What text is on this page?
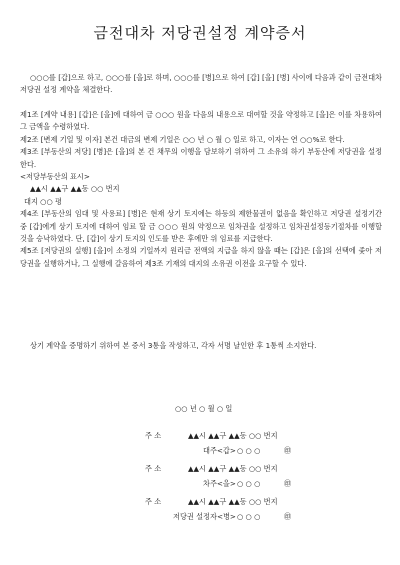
금전대차 저당권설정 계약증서
○○○를 [갑]으로 하고, ○○○를 [을]로 하며, ○○○를 [병]으로 하여 [갑] [을] [병] 사이에 다음과 같이 금전대차 저당권 설정 계약을 체결한다.
제1조 [계약 내용] [갑]은 [을]에 대하여 금 ○○○ 원을 다음의 내용으로 대여할 것을 약정하고 [을]은 이를 차용하여 그 금액을 수령하였다.
제2조 [변제 기일 및 이자] 본건 대금의 변제 기일은 ○○ 년 ○ 월 ○ 일로 하고, 이자는 연 ○○%로 한다.
제3조 [부동산의 저당] [병]은 [을]의 본 건 채무의 이행을 담보하기 위하여 그 소유의 하기 부동산에 저당권을 설정한다.
<저당부동산의 표시>
▲▲시 ▲▲구 ▲▲동 ○○ 번지
대지 ○○ 평
제4조 [부동산의 임대 및 사용료] [병]은 현재 상기 토지에는 하등의 제한물권이 없음을 확인하고 저당권 설정기간 중 [갑]에게 상기 토지에 대하여 임료 할 금 ○○○ 원의 약정으로 임차권을 설정하고 임차권설정등기절차를 이행할 것을 승낙하였다. 단, [갑]이 상기 토지의 인도를 받은 후에만 위 임료를 지급한다.
제5조 [저당권의 실행] [을]이 소정의 기일까지 원리금 전액의 지급을 하지 않을 때는 [갑]은 [을]의 선택에 좇아 저당권을 실행하거나, 그 실행에 갈음하여 제3조 기재의 대지의 소유권 이전을 요구할 수 있다.
상기 계약을 증명하기 위하여 본 증서 3통을 작성하고, 각자 서명 날인한 후 1통씩 소지한다.
○○ 년 ○ 월 ○ 일
주 소	▲▲시 ▲▲구 ▲▲동 ○○ 번지
대주<갑> ○ ○ ○	㊞
주 소	▲▲시 ▲▲구 ▲▲동 ○○ 번지
차주<을> ○ ○ ○	㊞
주 소	▲▲시 ▲▲구 ▲▲동 ○○ 번지
저당권 설정자<병> ○ ○ ○	㊞
